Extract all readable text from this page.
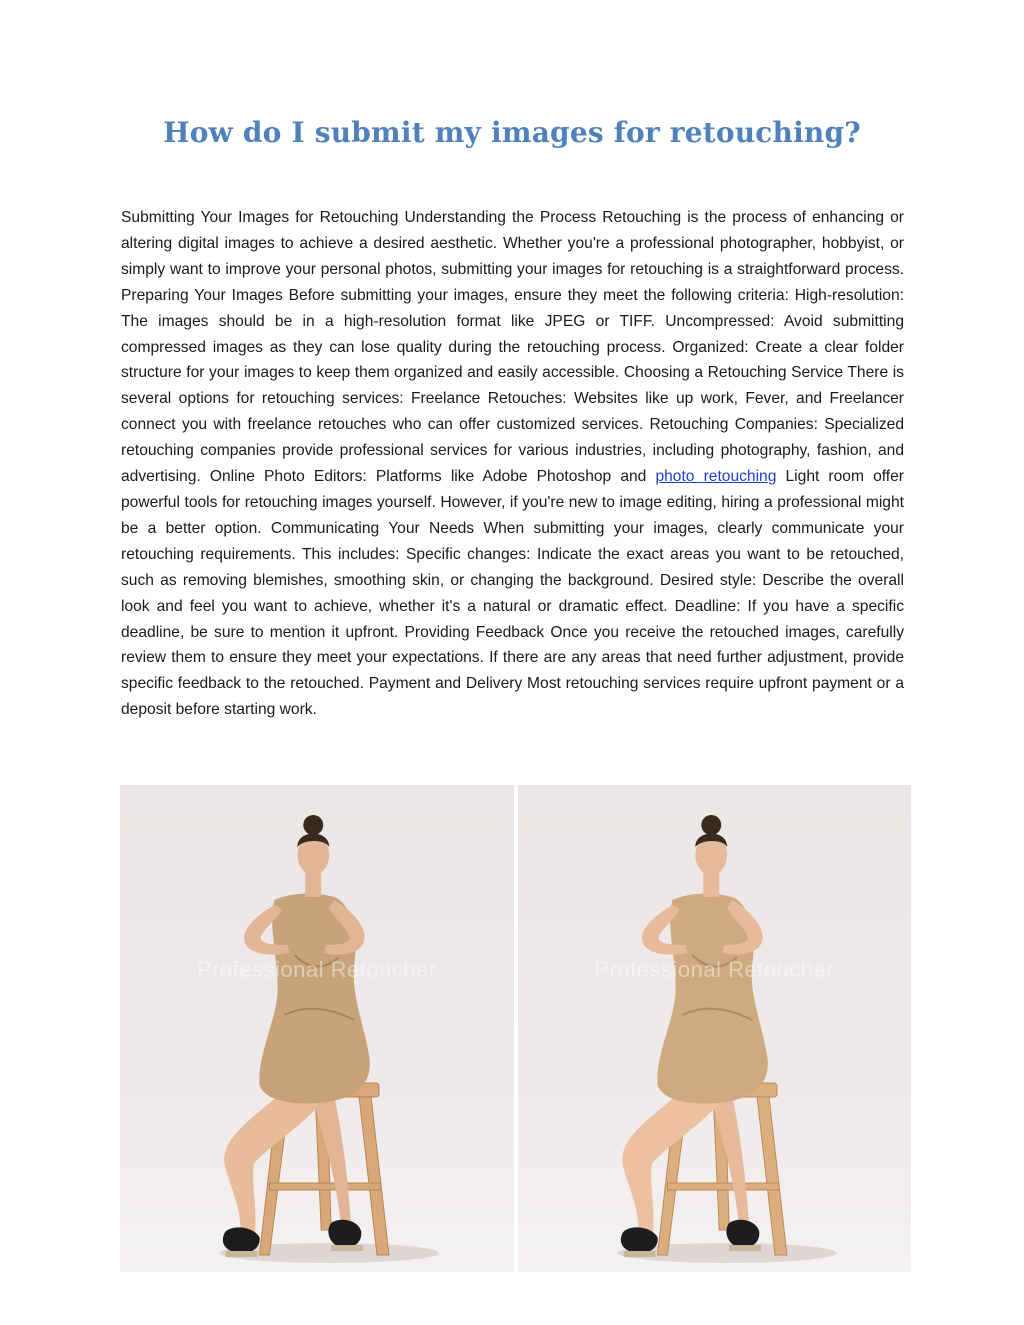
How do I submit my images for retouching?

Submitting Your Images for Retouching Understanding the Process Retouching is the process of enhancing or altering digital images to achieve a desired aesthetic. Whether you're a professional photographer, hobbyist, or simply want to improve your personal photos, submitting your images for retouching is a straightforward process. Preparing Your Images Before submitting your images, ensure they meet the following criteria: High-resolution: The images should be in a high-resolution format like JPEG or TIFF. Uncompressed: Avoid submitting compressed images as they can lose quality during the retouching process. Organized: Create a clear folder structure for your images to keep them organized and easily accessible. Choosing a Retouching Service There is several options for retouching services: Freelance Retouches: Websites like up work, Fever, and Freelancer connect you with freelance retouches who can offer customized services. Retouching Companies: Specialized retouching companies provide professional services for various industries, including photography, fashion, and advertising. Online Photo Editors: Platforms like Adobe Photoshop and photo retouching Light room offer powerful tools for retouching images yourself. However, if you're new to image editing, hiring a professional might be a better option. Communicating Your Needs When submitting your images, clearly communicate your retouching requirements. This includes: Specific changes: Indicate the exact areas you want to be retouched, such as removing blemishes, smoothing skin, or changing the background. Desired style: Describe the overall look and feel you want to achieve, whether it's a natural or dramatic effect. Deadline: If you have a specific deadline, be sure to mention it upfront. Providing Feedback Once you receive the retouched images, carefully review them to ensure they meet your expectations. If there are any areas that need further adjustment, provide specific feedback to the retouched. Payment and Delivery Most retouching services require upfront payment or a deposit before starting work.

Professional Retoucher	Professional Retoucher
